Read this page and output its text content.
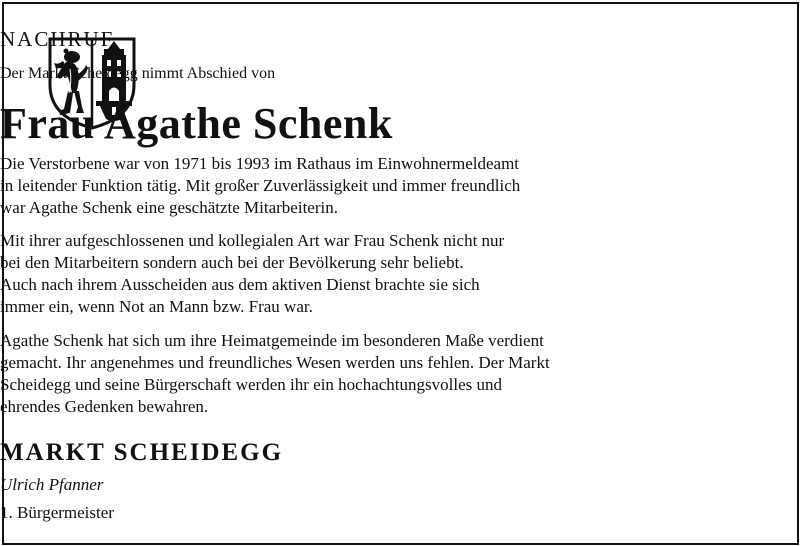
NACHRUF
Der Markt Scheidegg nimmt Abschied von
Frau Agathe Schenk
Die Verstorbene war von 1971 bis 1993 im Rathaus im Einwohnermeldeamt
in leitender Funktion tätig. Mit großer Zuverlässigkeit und immer freundlich
war Agathe Schenk eine geschätzte Mitarbeiterin.
Mit ihrer aufgeschlossenen und kollegialen Art war Frau Schenk nicht nur
bei den Mitarbeitern sondern auch bei der Bevölkerung sehr beliebt.
Auch nach ihrem Ausscheiden aus dem aktiven Dienst brachte sie sich
immer ein, wenn Not an Mann bzw. Frau war.
Agathe Schenk hat sich um ihre Heimatgemeinde im besonderen Maße verdient
gemacht. Ihr angenehmes und freundliches Wesen werden uns fehlen. Der Markt
Scheidegg und seine Bürgerschaft werden ihr ein hochachtungsvolles und
ehrendes Gedenken bewahren.
MARKT SCHEIDEGG
Ulrich Pfanner
1. Bürgermeister
